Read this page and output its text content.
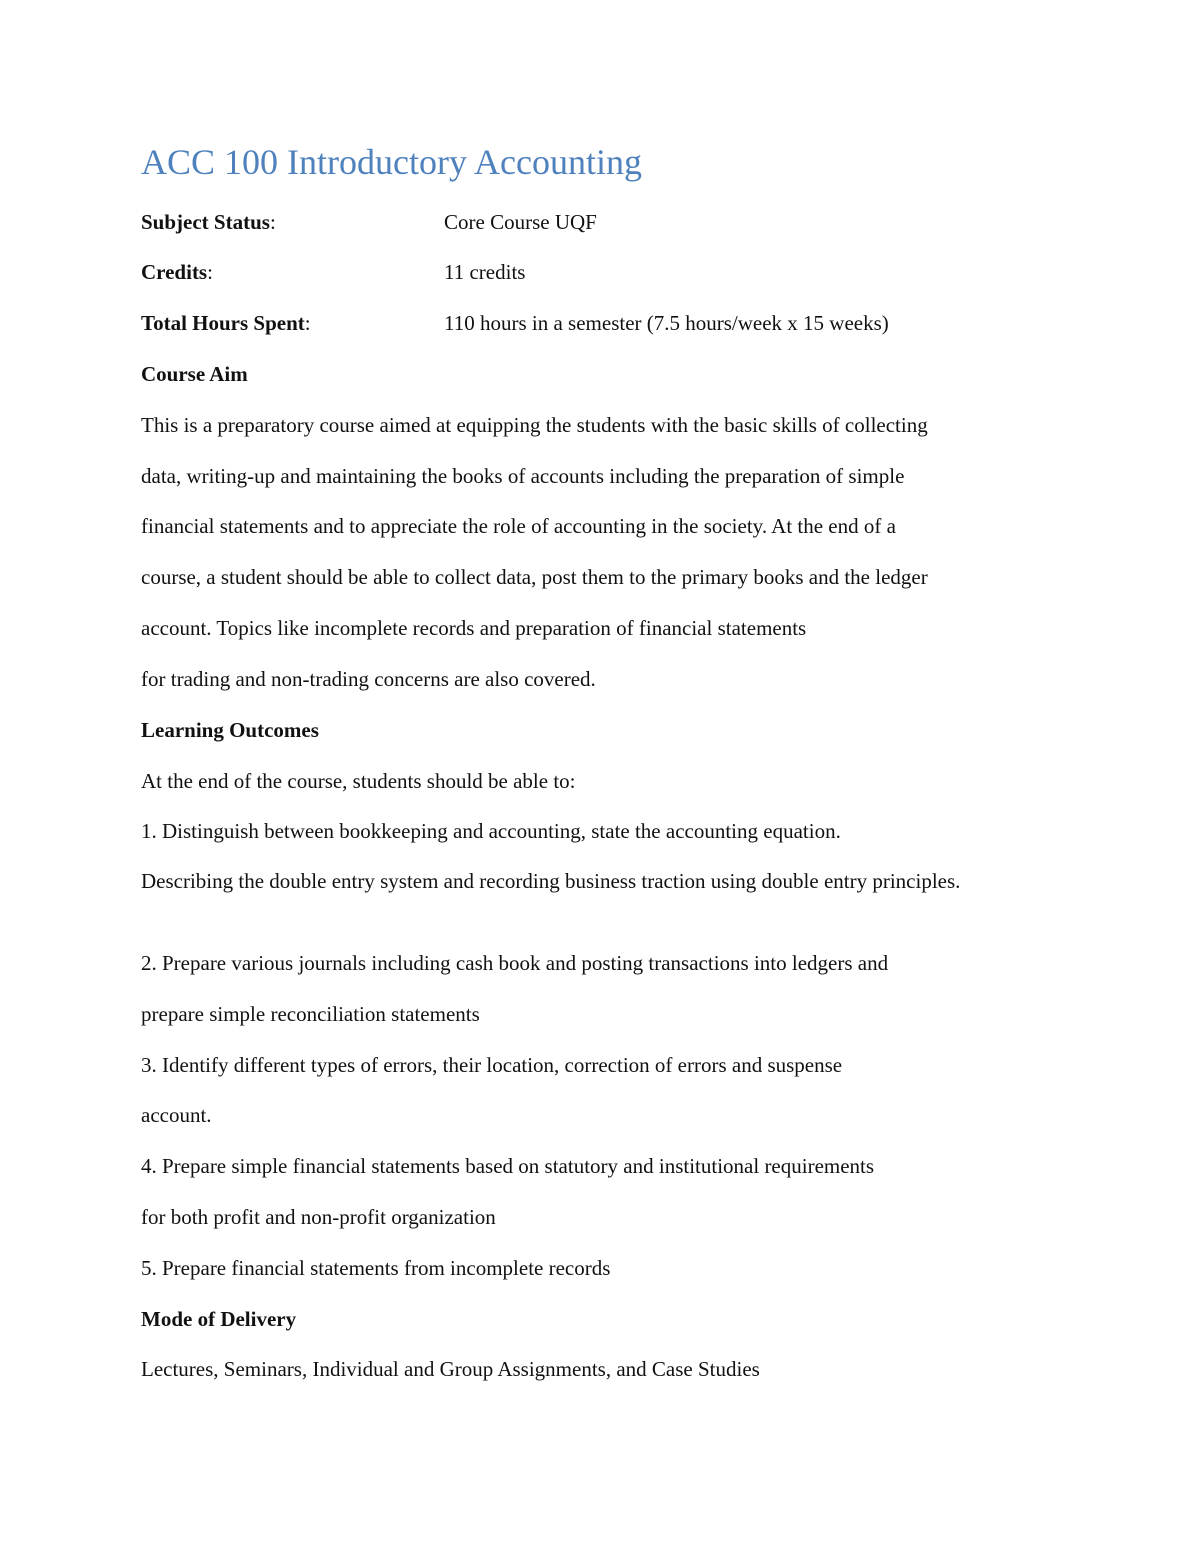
ACC 100 Introductory Accounting
Subject Status:	Core Course UQF
Credits:	11 credits
Total Hours Spent:	110 hours in a semester (7.5 hours/week x 15 weeks)
Course Aim
This is a preparatory course aimed at equipping the students with the basic skills of collecting
data, writing-up and maintaining the books of accounts including the preparation of simple
financial statements and to appreciate the role of accounting in the society. At the end of a
course, a student should be able to collect data, post them to the primary books and the ledger
account. Topics like incomplete records and preparation of financial statements
for trading and non-trading concerns are also covered.
Learning Outcomes
At the end of the course, students should be able to:
1. Distinguish between bookkeeping and accounting, state the accounting equation.
Describing the double entry system and recording business traction using double entry principles.
2. Prepare various journals including cash book and posting transactions into ledgers and
prepare simple reconciliation statements
3. Identify different types of errors, their location, correction of errors and suspense
account.
4. Prepare simple financial statements based on statutory and institutional requirements
for both profit and non-profit organization
5. Prepare financial statements from incomplete records
Mode of Delivery
Lectures, Seminars, Individual and Group Assignments, and Case Studies
